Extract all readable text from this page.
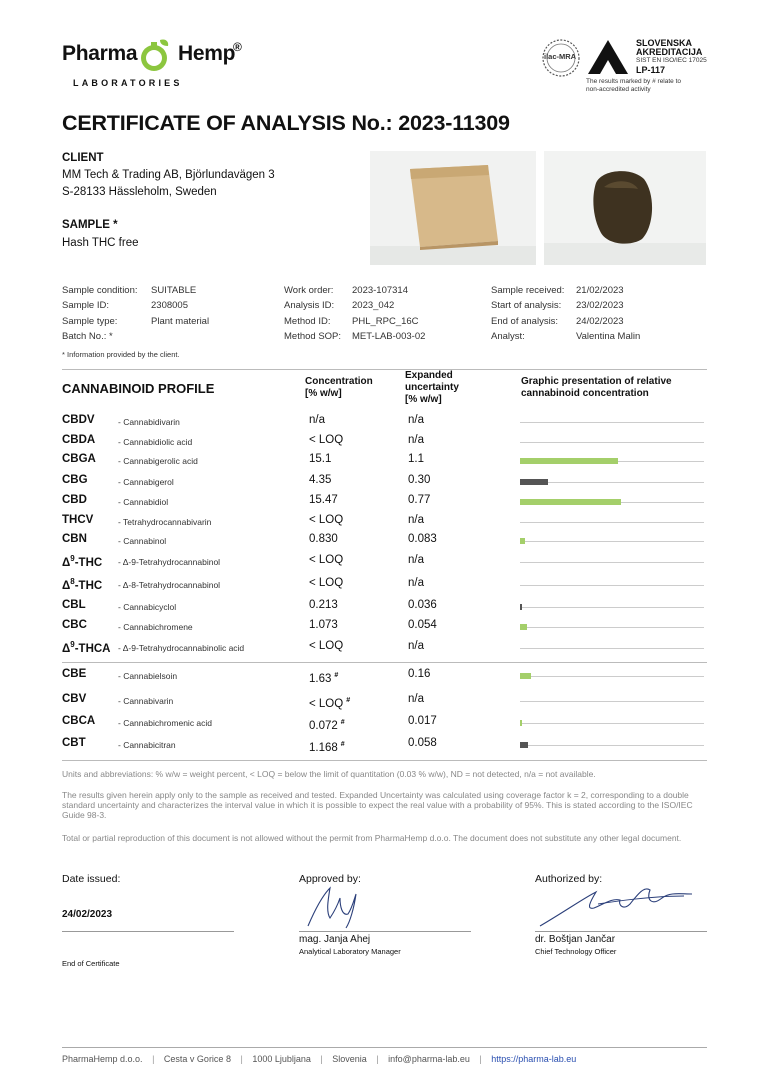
Pharma Hemp
®
LABORATORIES
ilac-MRA
SLOVENSKA
AKREDITACIJA
SIST EN ISO/IEC 17025
LP-117
The results marked by # relate to
non-accredited activity
CERTIFICATE OF ANALYSIS No.: 2023-11309
CLIENT
MM Tech & Trading AB, Björlundavägen 3
S-28133 Hässleholm, Sweden
SAMPLE *
Hash THC free
Sample condition: SUITABLE
Sample ID:	2308005
Sample type:	Plant material
Batch No.: *
Work order: 2023-107314
Analysis ID: 2023_042
Method ID: PHL_RPC_16C
Method SOP: MET-LAB-003-02
Sample received: 21/02/2023
Start of analysis: 23/02/2023
End of analysis: 24/02/2023
Analyst:	Valentina Malin
* Information provided by the client.
CANNABINOID PROFILE	Concentration
[% w/w]
Expanded
uncertainty
[% w/w]
Graphic presentation of relative
cannabinoid concentration
CBDV	- Cannabidivarin	n/a	n/a
CBDA	- Cannabidiolic acid	< LOQ	n/a
CBGA	- Cannabigerolic acid	15.1	1.1
CBG	- Cannabigerol	4.35	0.30
CBD	- Cannabidiol	15.47	0.77
THCV	- Tetrahydrocannabivarin	< LOQ	n/a
CBN	- Cannabinol	0.830	0.083
$\Delta^9$-THC - Δ-9-Tetrahydrocannabinol	< LOQ	n/a
$\Delta^8$-THC - Δ-8-Tetrahydrocannabinol	< LOQ	n/a
CBL	- Cannabicyclol	0.213	0.036
CBC	- Cannabichromene	1.073	0.054
$\Delta^9$-THCA - Δ-9-Tetrahydrocannabinolic acid	< LOQ	n/a
CBE	- Cannabielsoin	1.63 #	0.16
CBV	- Cannabivarin	< LOQ #	n/a
CBCA	- Cannabichromenic acid	0.072 #	0.017
CBT	- Cannabicitran	1.168 #	0.058
Units and abbreviations: % w/w = weight percent, < LOQ = below the limit of quantitation (0.03 % w/w), ND = not detected, n/a = not available.
The results given herein apply only to the sample as received and tested. Expanded Uncertainty was calculated using coverage factor k = 2, corresponding to a double standard uncertainty and characterizes the interval value in which it is possible to expect the real value with a probability of 95%. This is stated according to the ISO/IEC Guide 98-3.
Total or partial reproduction of this document is not allowed without the permit from PharmaHemp d.o.o. The document does not substitute any other legal document.
Date issued:
24/02/2023
End of Certificate
Approved by:
mag. Janja Ahej
Analytical Laboratory Manager
Authorized by:
dr. Boštjan Jančar
Chief Technology Officer
PharmaHemp d.o.o. | Cesta v Gorice 8 | 1000 Ljubljana | Slovenia | info@pharma-lab.eu | https://pharma-lab.eu
